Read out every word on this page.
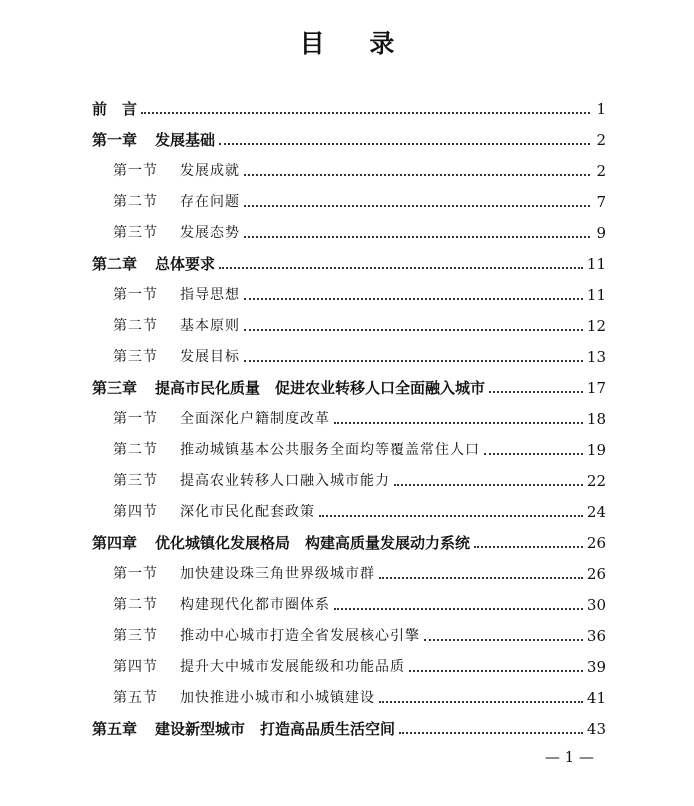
目 录
前　言	1
第一章 发展基础	2
第一节 发展成就	2
第二节 存在问题	7
第三节 发展态势	9
第二章 总体要求	11
第一节 指导思想	11
第二节 基本原则	12
第三节 发展目标	13
第三章 提高市民化质量　促进农业转移人口全面融入城市	17
第一节 全面深化户籍制度改革	18
第二节 推动城镇基本公共服务全面均等覆盖常住人口	19
第三节 提高农业转移人口融入城市能力	22
第四节 深化市民化配套政策	24
第四章 优化城镇化发展格局　构建高质量发展动力系统	26
第一节 加快建设珠三角世界级城市群	26
第二节 构建现代化都市圈体系	30
第三节 推动中心城市打造全省发展核心引擎	36
第四节 提升大中城市发展能级和功能品质	39
第五节 加快推进小城市和小城镇建设	41
第五章 建设新型城市　打造高品质生活空间	43
— 1 —
